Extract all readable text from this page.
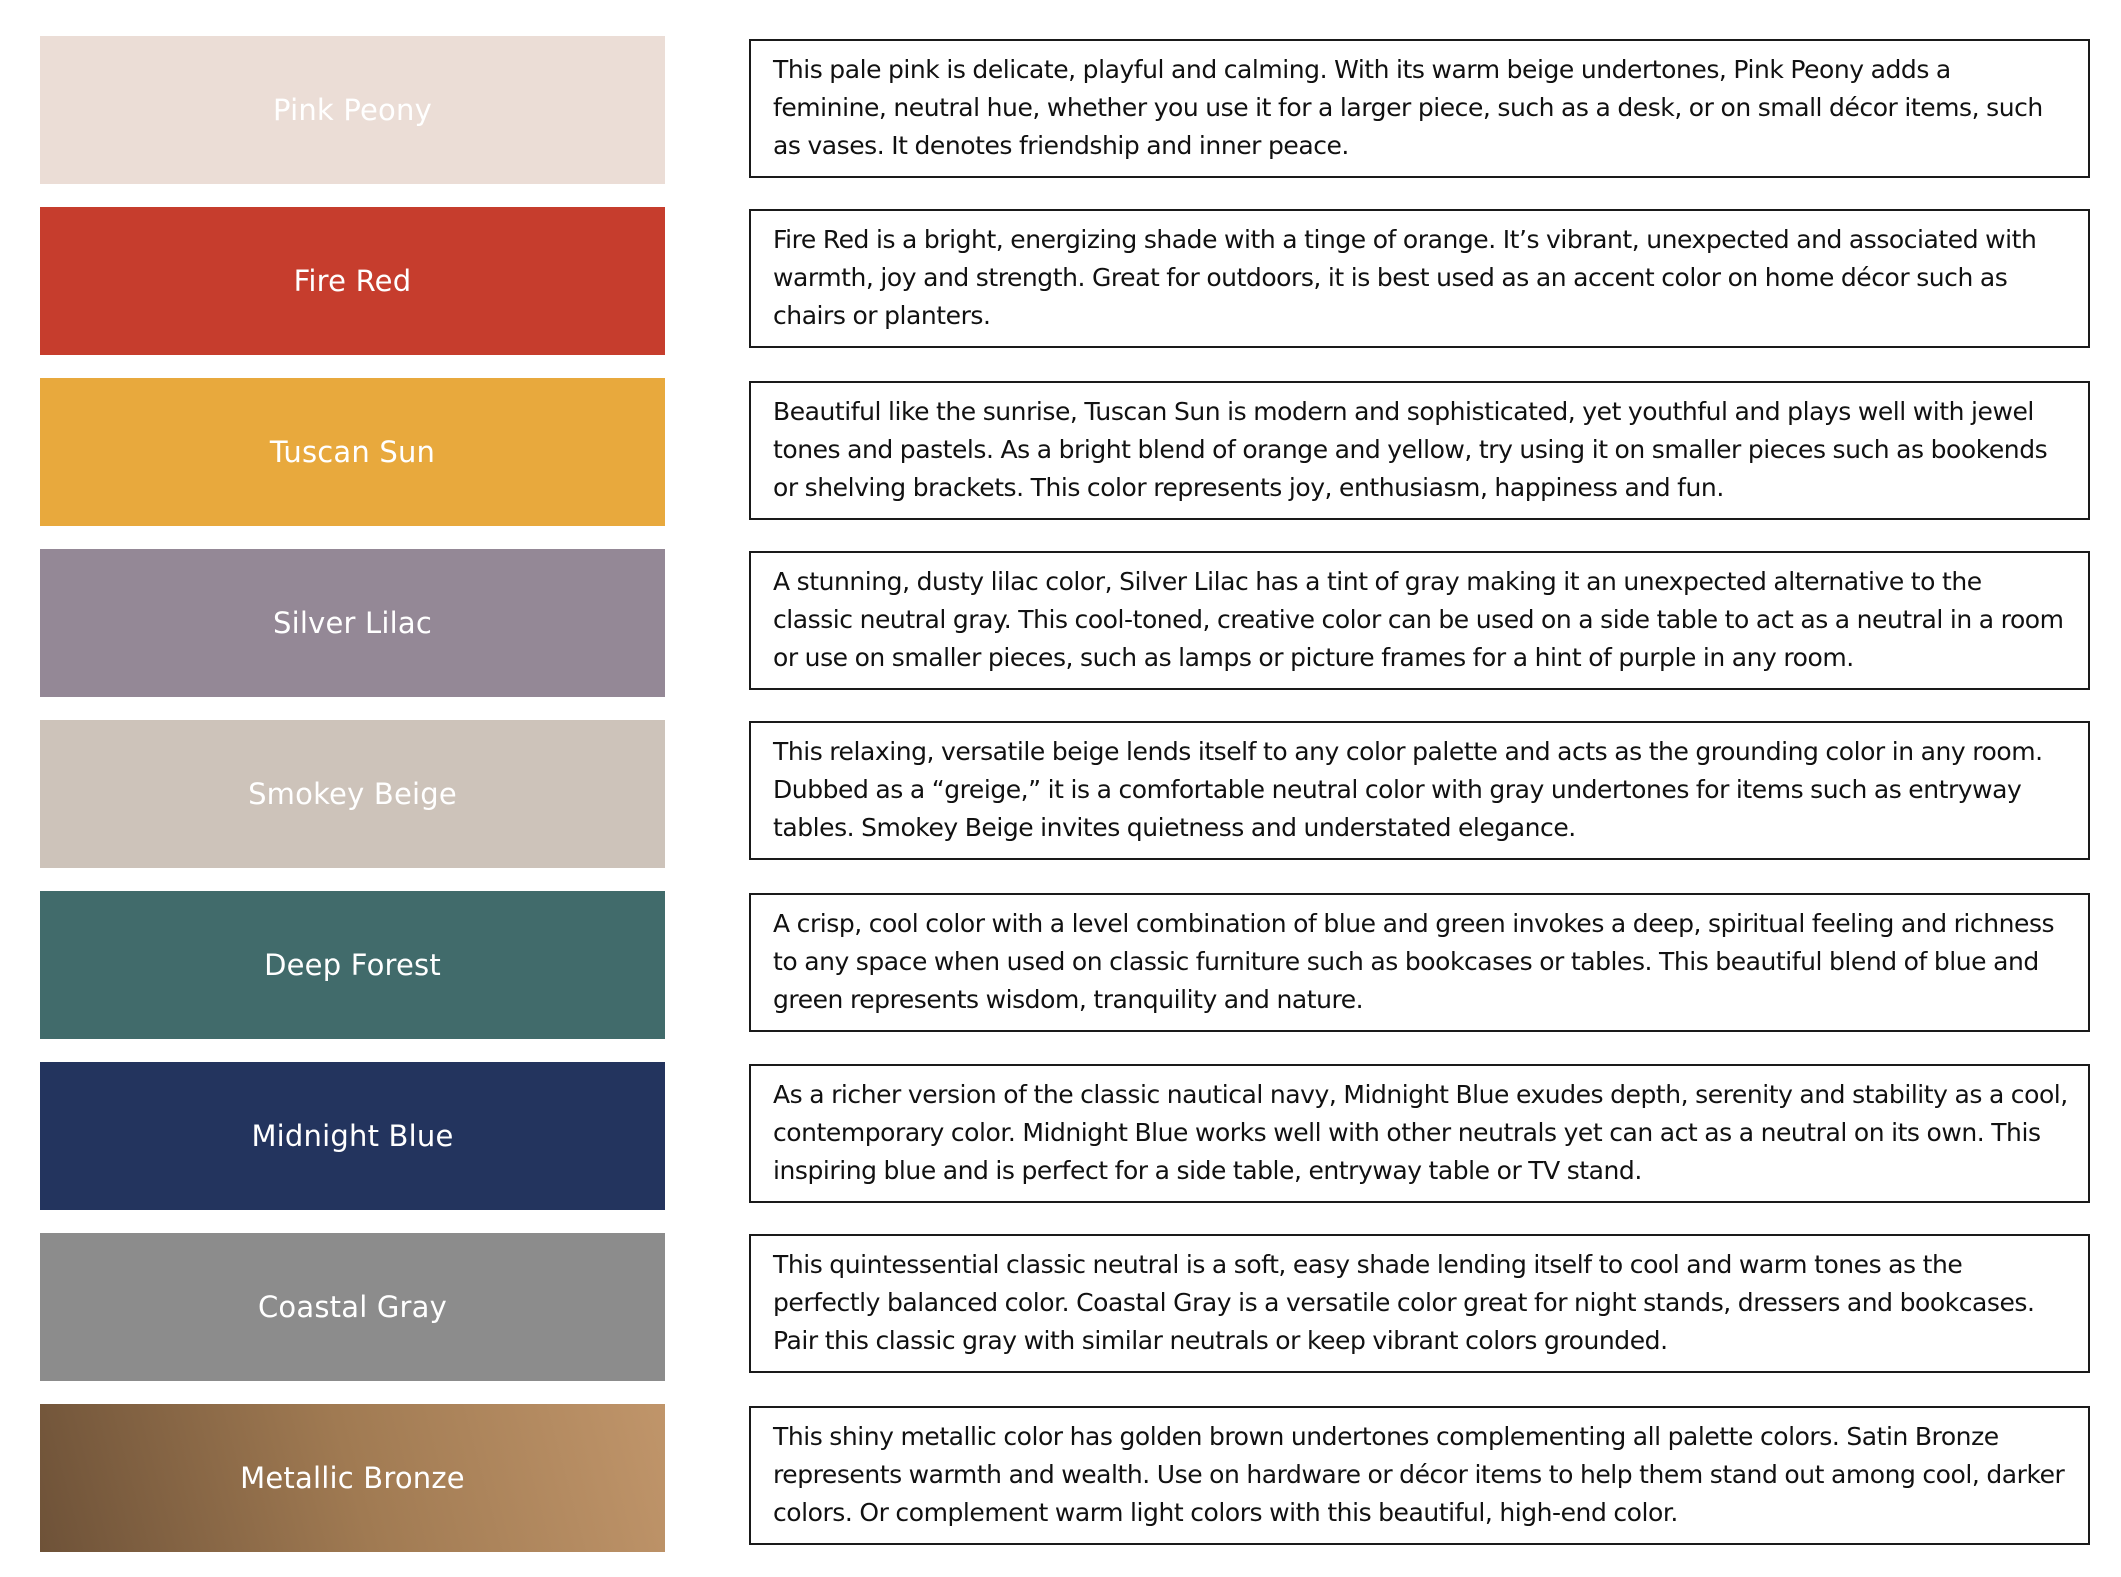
Pink Peony
This pale pink is delicate, playful and calming. With its warm beige undertones, Pink Peony adds a feminine, neutral hue, whether you use it for a larger piece, such as a desk, or on small décor items, such as vases. It denotes friendship and inner peace.
Fire Red
Fire Red is a bright, energizing shade with a tinge of orange. It’s vibrant, unexpected and associated with warmth, joy and strength. Great for outdoors, it is best used as an accent color on home décor such as chairs or planters.
Tuscan Sun
Beautiful like the sunrise, Tuscan Sun is modern and sophisticated, yet youthful and plays well with jewel tones and pastels. As a bright blend of orange and yellow, try using it on smaller pieces such as bookends or shelving brackets. This color represents joy, enthusiasm, happiness and fun.
Silver Lilac
A stunning, dusty lilac color, Silver Lilac has a tint of gray making it an unexpected alternative to the classic neutral gray. This cool-toned, creative color can be used on a side table to act as a neutral in a room or use on smaller pieces, such as lamps or picture frames for a hint of purple in any room.
Smokey Beige
This relaxing, versatile beige lends itself to any color palette and acts as the grounding color in any room. Dubbed as a “greige,” it is a comfortable neutral color with gray undertones for items such as entryway tables. Smokey Beige invites quietness and understated elegance.
Deep Forest
A crisp, cool color with a level combination of blue and green invokes a deep, spiritual feeling and richness to any space when used on classic furniture such as bookcases or tables. This beautiful blend of blue and green represents wisdom, tranquility and nature.
Midnight Blue
As a richer version of the classic nautical navy, Midnight Blue exudes depth, serenity and stability as a cool, contemporary color. Midnight Blue works well with other neutrals yet can act as a neutral on its own. This inspiring blue and is perfect for a side table, entryway table or TV stand.
Coastal Gray
This quintessential classic neutral is a soft, easy shade lending itself to cool and warm tones as the perfectly balanced color. Coastal Gray is a versatile color great for night stands, dressers and bookcases. Pair this classic gray with similar neutrals or keep vibrant colors grounded.
Metallic Bronze
This shiny metallic color has golden brown undertones complementing all palette colors. Satin Bronze represents warmth and wealth. Use on hardware or décor items to help them stand out among cool, darker colors. Or complement warm light colors with this beautiful, high-end color.
